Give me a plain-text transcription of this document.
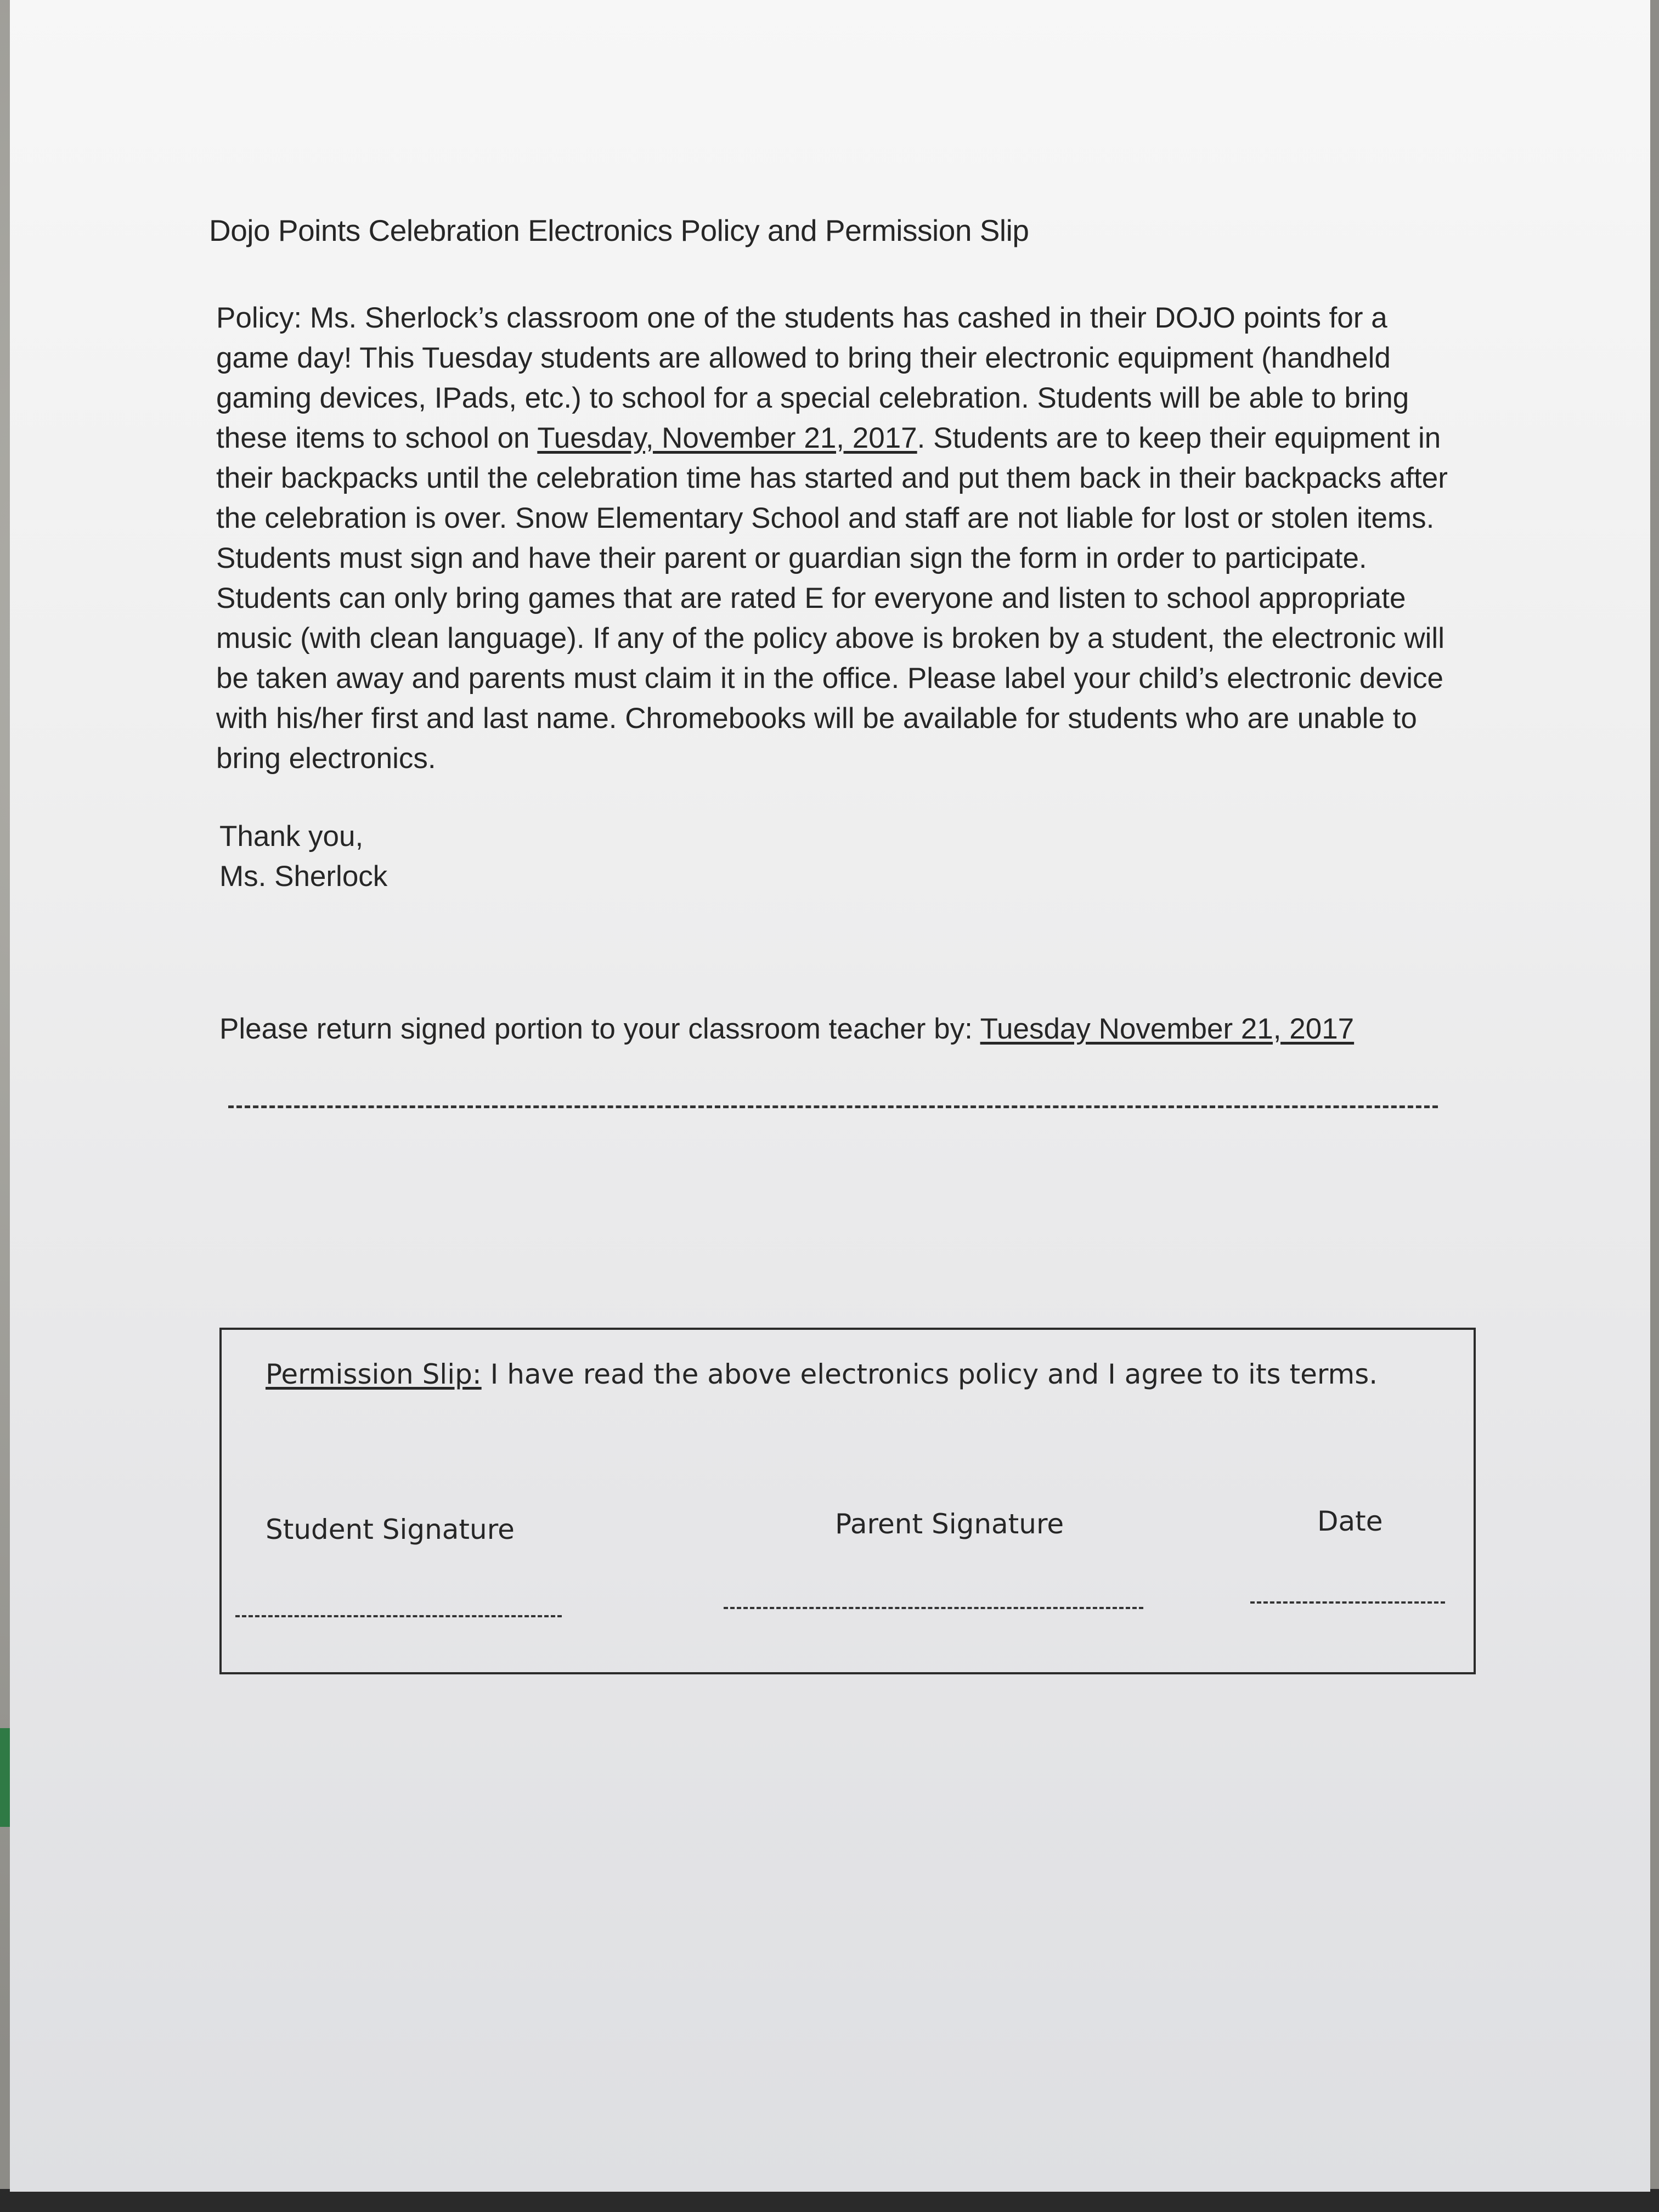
Dojo Points Celebration Electronics Policy and Permission Slip

Policy: Ms. Sherlock’s classroom one of the students has cashed in their DOJO points for a

game day! This Tuesday students are allowed to bring their electronic equipment (handheld

gaming devices, IPads, etc.) to school for a special celebration. Students will be able to bring

these items to school on Tuesday, November 21, 2017. Students are to keep their equipment in

their backpacks until the celebration time has started and put them back in their backpacks after

the celebration is over. Snow Elementary School and staff are not liable for lost or stolen items.

Students must sign and have their parent or guardian sign the form in order to participate.

Students can only bring games that are rated E for everyone and listen to school appropriate

music (with clean language). If any of the policy above is broken by a student, the electronic will

be taken away and parents must claim it in the office. Please label your child’s electronic device

with his/her first and last name. Chromebooks will be available for students who are unable to

bring electronics.

Thank you,
Ms. Sherlock
Please return signed portion to your classroom teacher by: Tuesday November 21, 2017
Permission Slip: I have read the above electronics policy and I agree to its terms.
Student Signature	Parent Signature	Date
